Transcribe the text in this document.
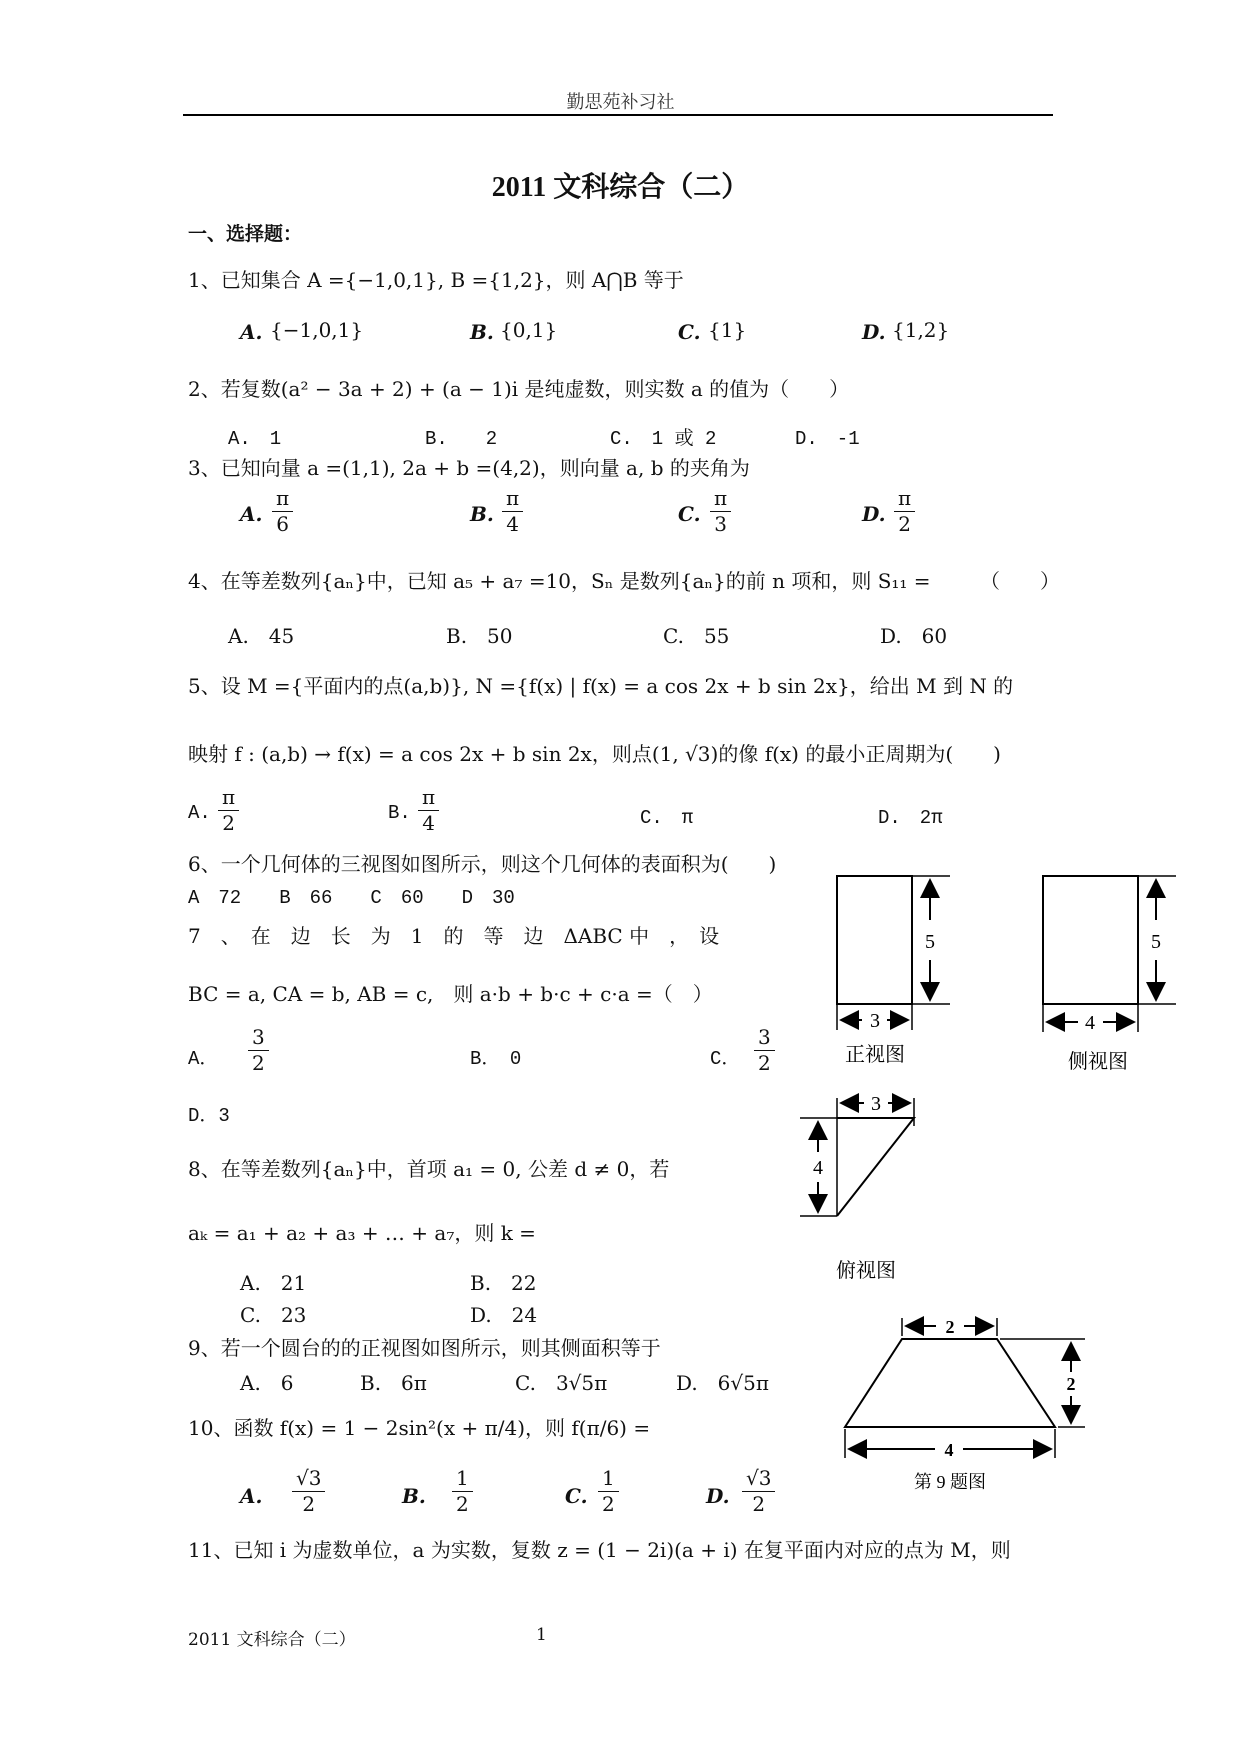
勤思苑补习社
2011 文科综合（二）
一、选择题：
1、已知集合 A ={−1,0,1}, B ={1,2}，则 A⋂B 等于
A. {−1,0,1}	B. {0,1}	C. {1}	D. {1,2}
2、若复数(a² − 3a + 2) + (a − 1)i 是纯虚数，则实数 a 的值为（　　）
A.　1	B.　　2	C.　1 或 2	D.　-1
3、已知向量 a =(1,1), 2a + b =(4,2)，则向量 a, b 的夹角为
A. $\frac{\pi}{6}$	B. $\frac{\pi}{4}$	C. $\frac{\pi}{3}$	D. $\frac{\pi}{2}$
4、在等差数列{aₙ}中，已知 a₅ + a₇ =10，Sₙ 是数列{aₙ}的前 n 项和，则 S₁₁ = （　　）
A.　45	B.　50	C.　55	D.　60
5、设 M ={平面内的点(a,b)}, N ={f(x) | f(x) = a cos 2x + b sin 2x}，给出 M 到 N 的
映射 f : (a,b) → f(x) = a cos 2x + b sin 2x，则点(1, √3)的像 f(x) 的最小正周期为(　　)
A. $\frac{\pi}{2}$	B. $\frac{\pi}{4}$	C.　π	D.　2π
6、一个几何体的三视图如图所示，则这个几何体的表面积为(　　)
A　72　　B　66　　C　60　　D　30
7　、　在　边　长　为　1　的　等　边　ΔABC 中　，　设
BC = a, CA = b, AB = c,　则 a·b + b·c + c·a =（　）
A． $\frac{3}{2}$	B．　0	C． $\frac{3}{2}$
D．3
8、在等差数列{aₙ}中，首项 a₁ = 0, 公差 d ≠ 0，若
aₖ = a₁ + a₂ + a₃ + … + a₇，则 k =
A.　21	B.　22
C.　23	D.　24
9、若一个圆台的的正视图如图所示，则其侧面积等于
A.　6	B.　6π	C.　3√5π	D.　6√5π
10、函数 f(x) = 1 − 2sin²(x + π/4)，则 f(π/6) =
A. $\frac{√3}{2}$	B. $\frac{1}{2}$	C. $\frac{1}{2}$	D. $\frac{√3}{2}$
11、已知 i 为虚数单位，a 为实数，复数 z = (1 − 2i)(a + i) 在复平面内对应的点为 M，则
5
3
正视图
5
4
侧视图
3
4
俯视图
2
2
4
第 9 题图
2011 文科综合（二）	1
